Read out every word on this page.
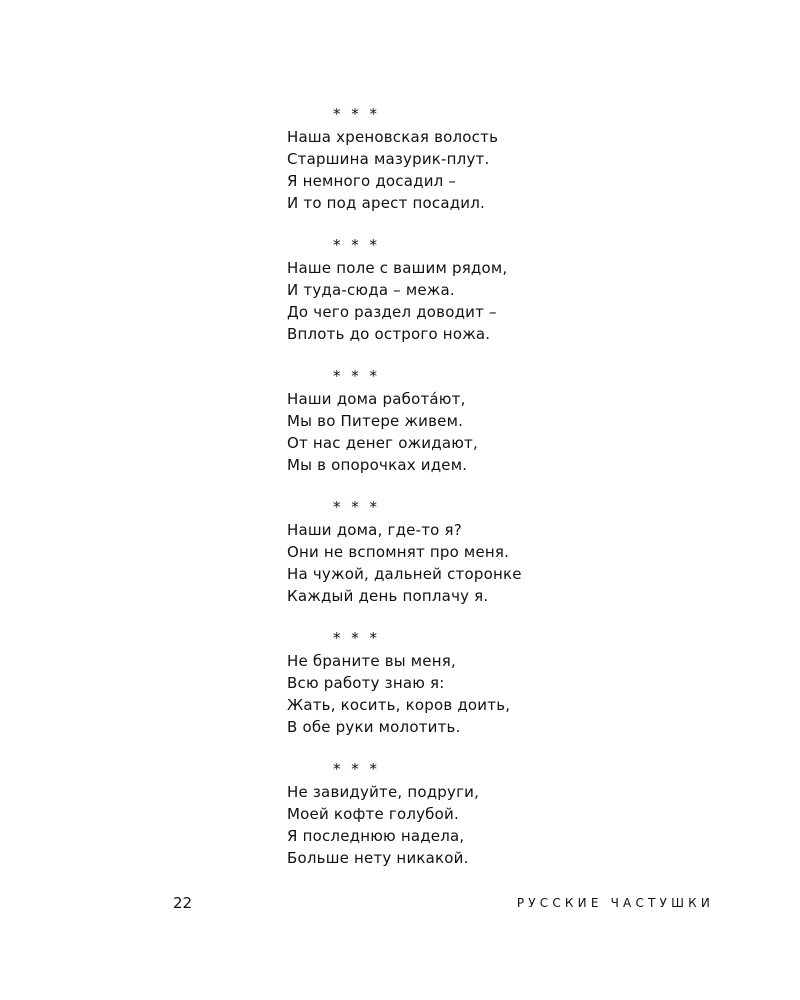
* * *
Наша хреновская волость
Старшина мазурик-плут.
Я немного досадил –
И то под арест посадил.
* * *
Наше поле с вашим рядом,
И туда-сюда – межа.
До чего раздел доводит –
Вплоть до острого ножа.
* * *
Наши дома работа́ют,
Мы во Питере живем.
От нас денег ожидают,
Мы в опорочках идем.
* * *
Наши дома, где-то я?
Они не вспомнят про меня.
На чужой, дальней сторонке
Каждый день поплачу я.
* * *
Не браните вы меня,
Всю работу знаю я:
Жать, косить, коров доить,
В обе руки молотить.
* * *
Не завидуйте, подруги,
Моей кофте голубой.
Я последнюю надела,
Больше нету никакой.
22	РУССКИЕ ЧАСТУШКИ
